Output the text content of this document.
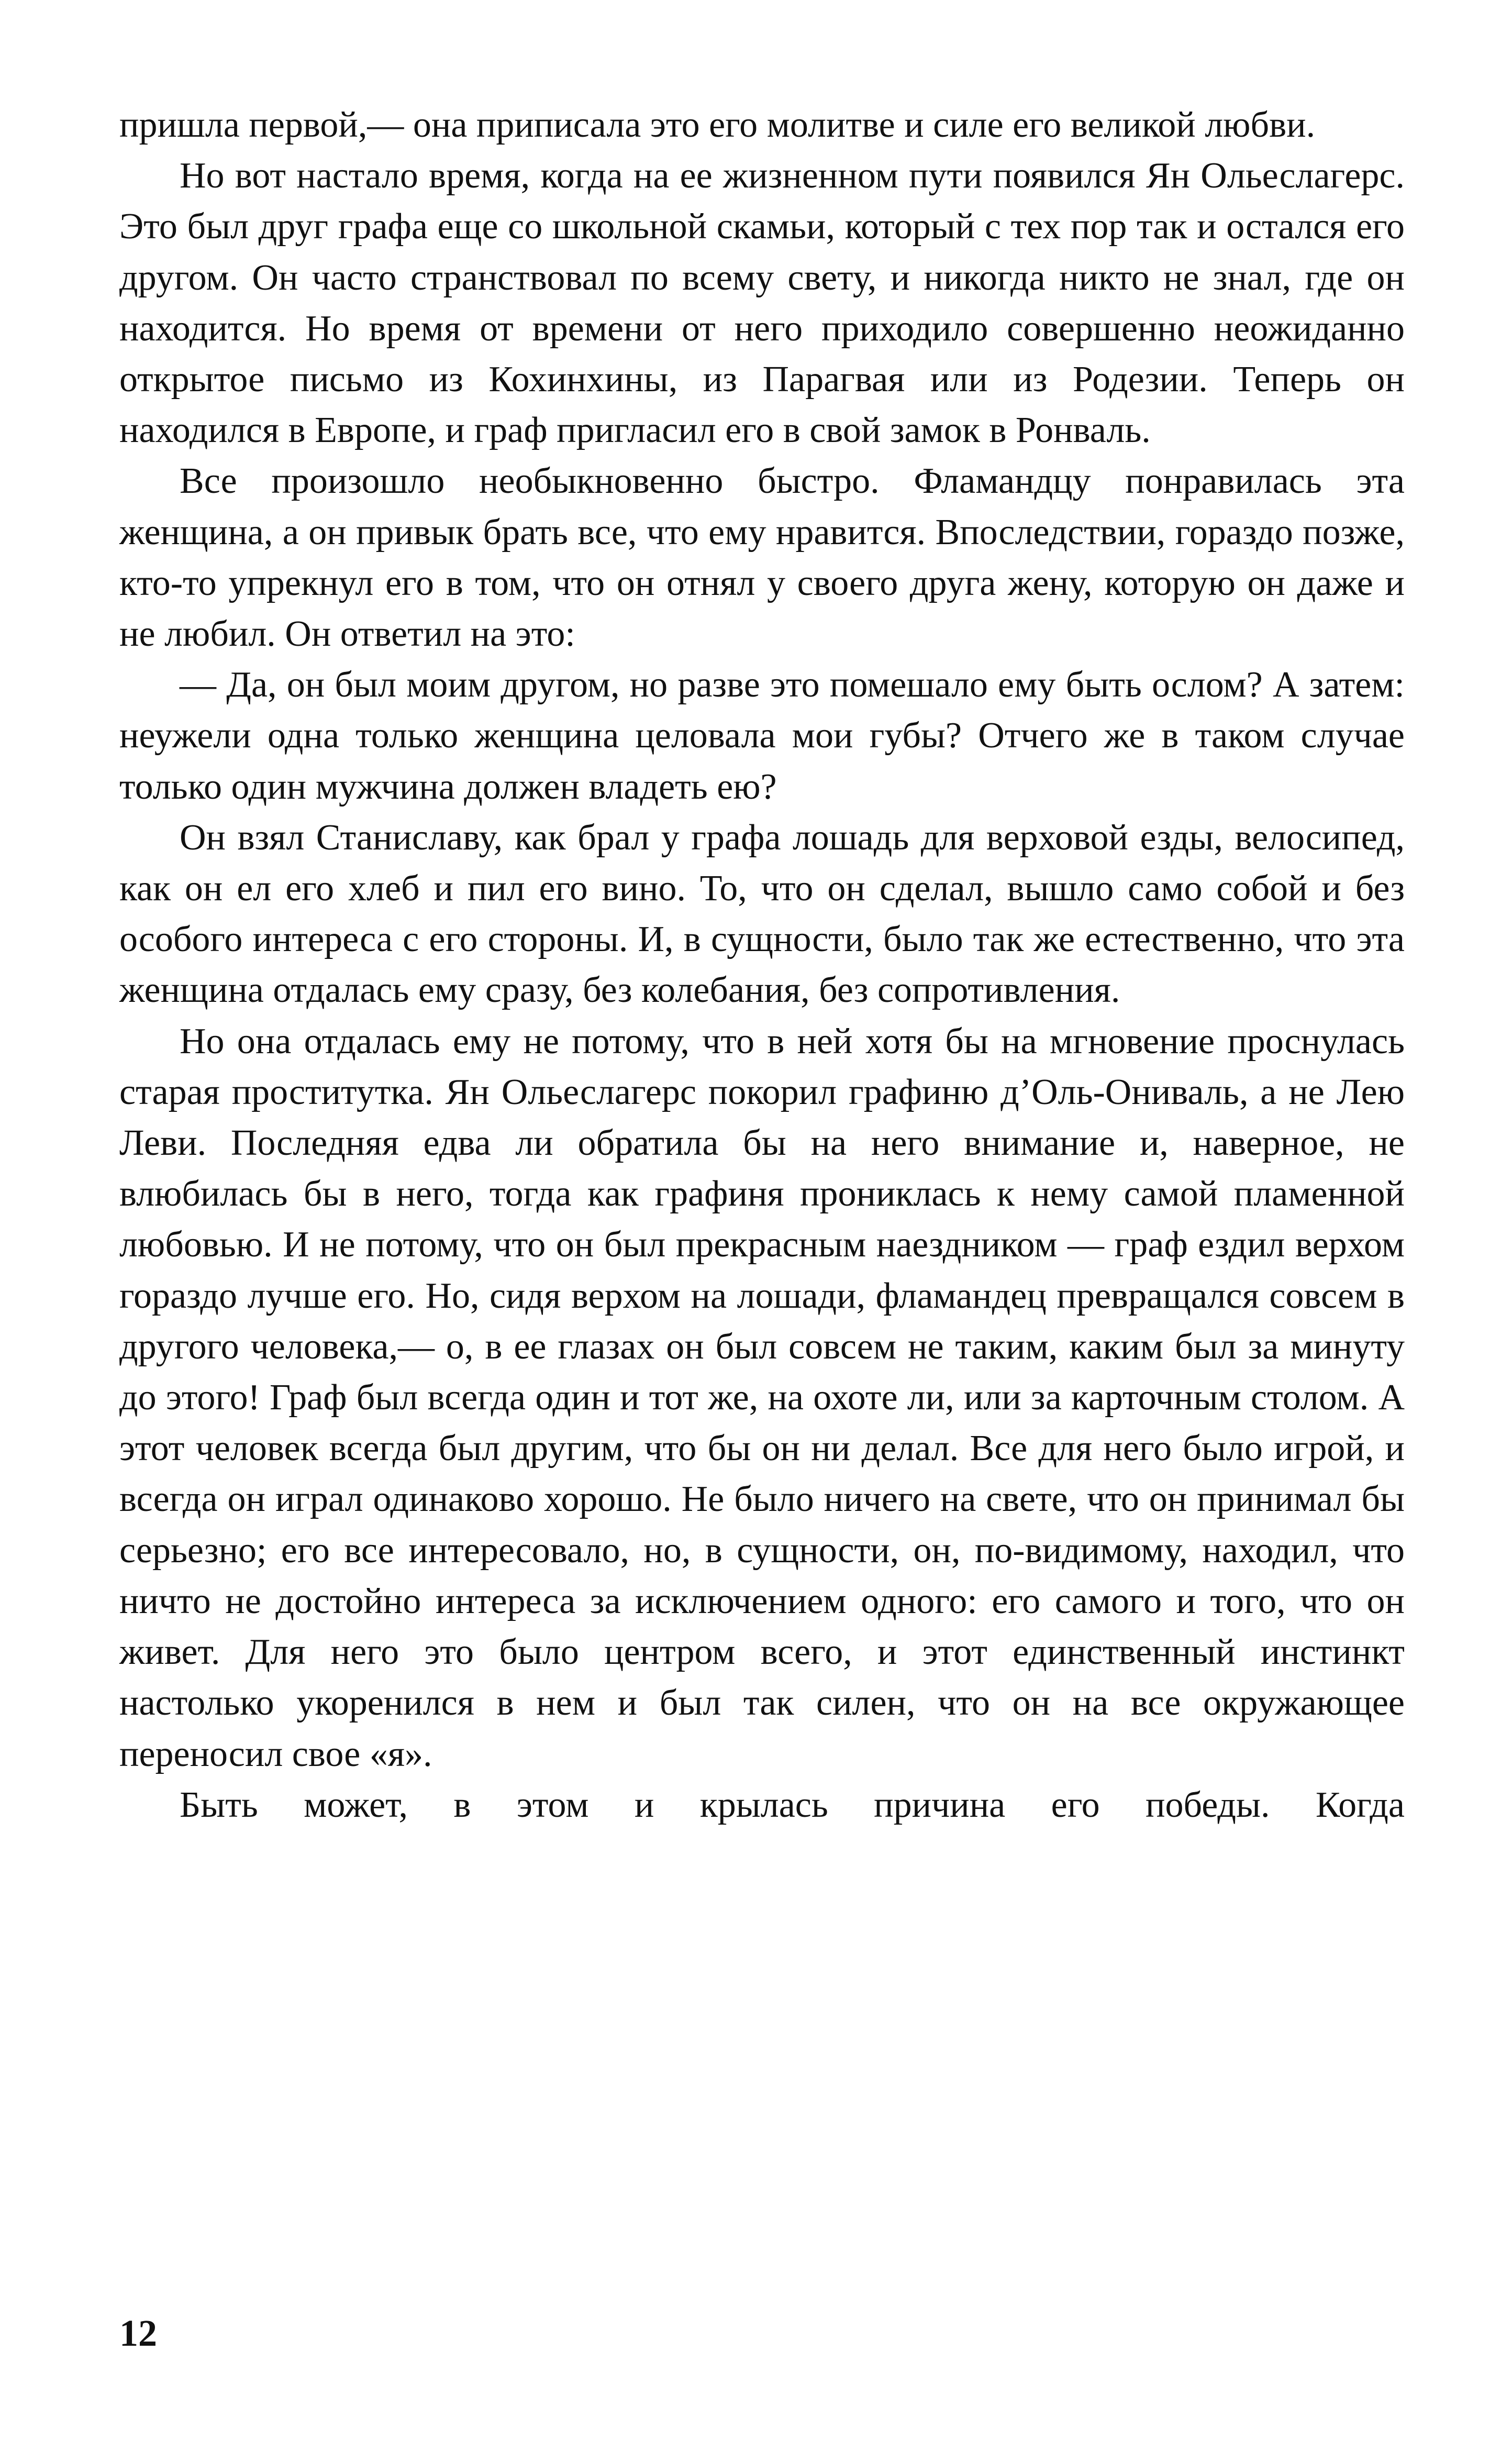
пришла первой,— она приписала это его молитве и силе его великой любви.

Но вот настало время, когда на ее жизненном пути появился Ян Ольеслагерс. Это был друг графа еще со школьной скамьи, который с тех пор так и остался его другом. Он часто странствовал по всему свету, и никогда никто не знал, где он находится. Но время от времени от него приходило совершенно неожиданно открытое письмо из Кохинхины, из Парагвая или из Родезии. Теперь он находился в Европе, и граф пригласил его в свой замок в Ронваль.

Все произошло необыкновенно быстро. Фламандцу понравилась эта женщина, а он привык брать все, что ему нравится. Впоследствии, гораздо позже, кто-то упрекнул его в том, что он отнял у своего друга жену, которую он даже и не любил. Он ответил на это:

— Да, он был моим другом, но разве это помешало ему быть ослом? А затем: неужели одна только женщина целовала мои губы? Отчего же в таком случае только один мужчина должен владеть ею?

Он взял Станиславу, как брал у графа лошадь для верховой езды, велосипед, как он ел его хлеб и пил его вино. То, что он сделал, вышло само собой и без особого интереса с его стороны. И, в сущности, было так же естественно, что эта женщина отдалась ему сразу, без колебания, без сопротивления.

Но она отдалась ему не потому, что в ней хотя бы на мгновение проснулась старая проститутка. Ян Ольеслагерс покорил графиню д’Оль-Ониваль, а не Лею Леви. Последняя едва ли обратила бы на него внимание и, наверное, не влюбилась бы в него, тогда как графиня прониклась к нему самой пламенной любовью. И не потому, что он был прекрасным наездником — граф ездил верхом гораздо лучше его. Но, сидя верхом на лошади, фламандец превращался совсем в другого человека,— о, в ее глазах он был совсем не таким, каким был за минуту до этого! Граф был всегда один и тот же, на охоте ли, или за карточным столом. А этот человек всегда был другим, что бы он ни делал. Все для него было игрой, и всегда он играл одинаково хорошо. Не было ничего на свете, что он принимал бы серьезно; его все интересовало, но, в сущности, он, по-видимому, находил, что ничто не достойно интереса за исключением одного: его самого и того, что он живет. Для него это было центром всего, и этот единственный инстинкт настолько укоренился в нем и был так силен, что он на все окружающее переносил свое «я».

Быть может, в этом и крылась причина его победы. Когда

12
